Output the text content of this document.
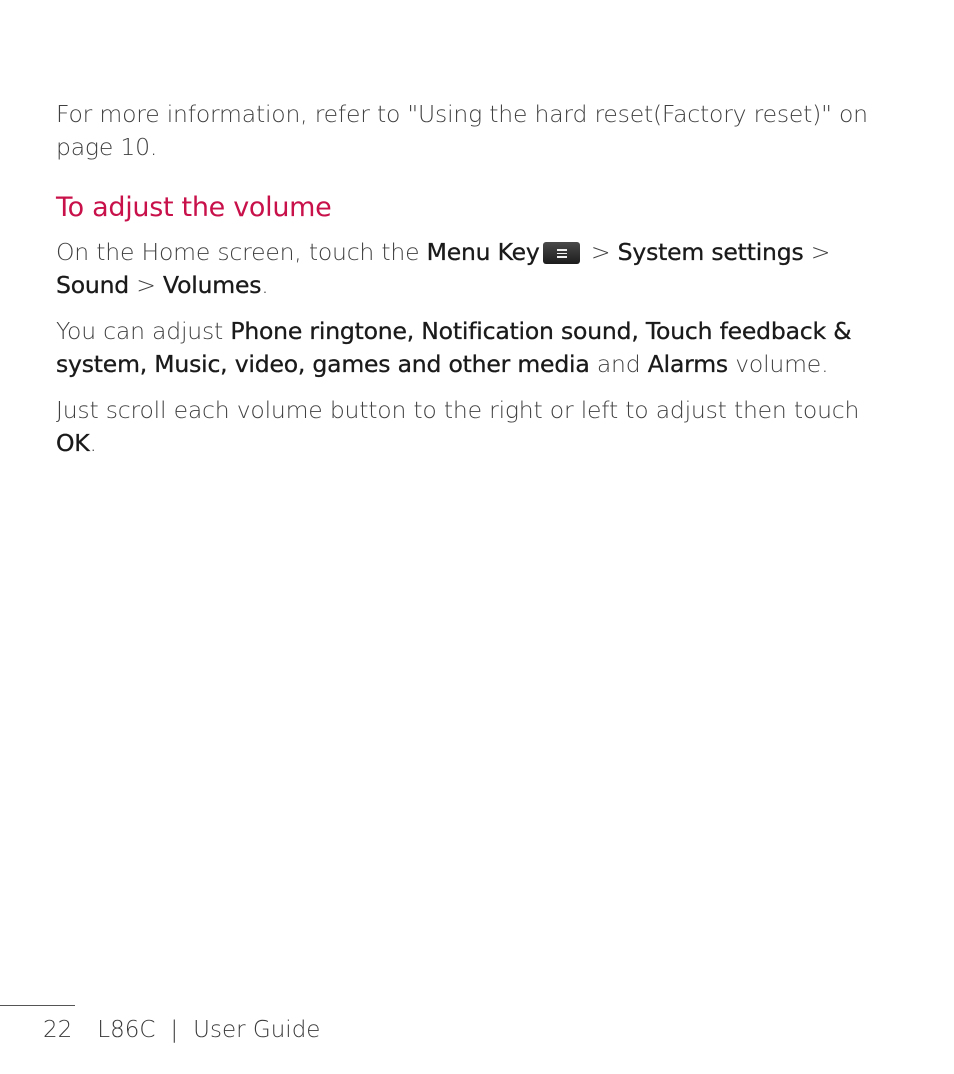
For more information, refer to "Using the hard reset(Factory reset)" on page 10.

To adjust the volume

On the Home screen, touch the Menu Key
> System settings > Sound > Volumes.

You can adjust Phone ringtone, Notification sound, Touch feedback & system, Music, video, games and other media and Alarms volume.

Just scroll each volume button to the right or left to adjust then touch OK.

22 L86C | User Guide
